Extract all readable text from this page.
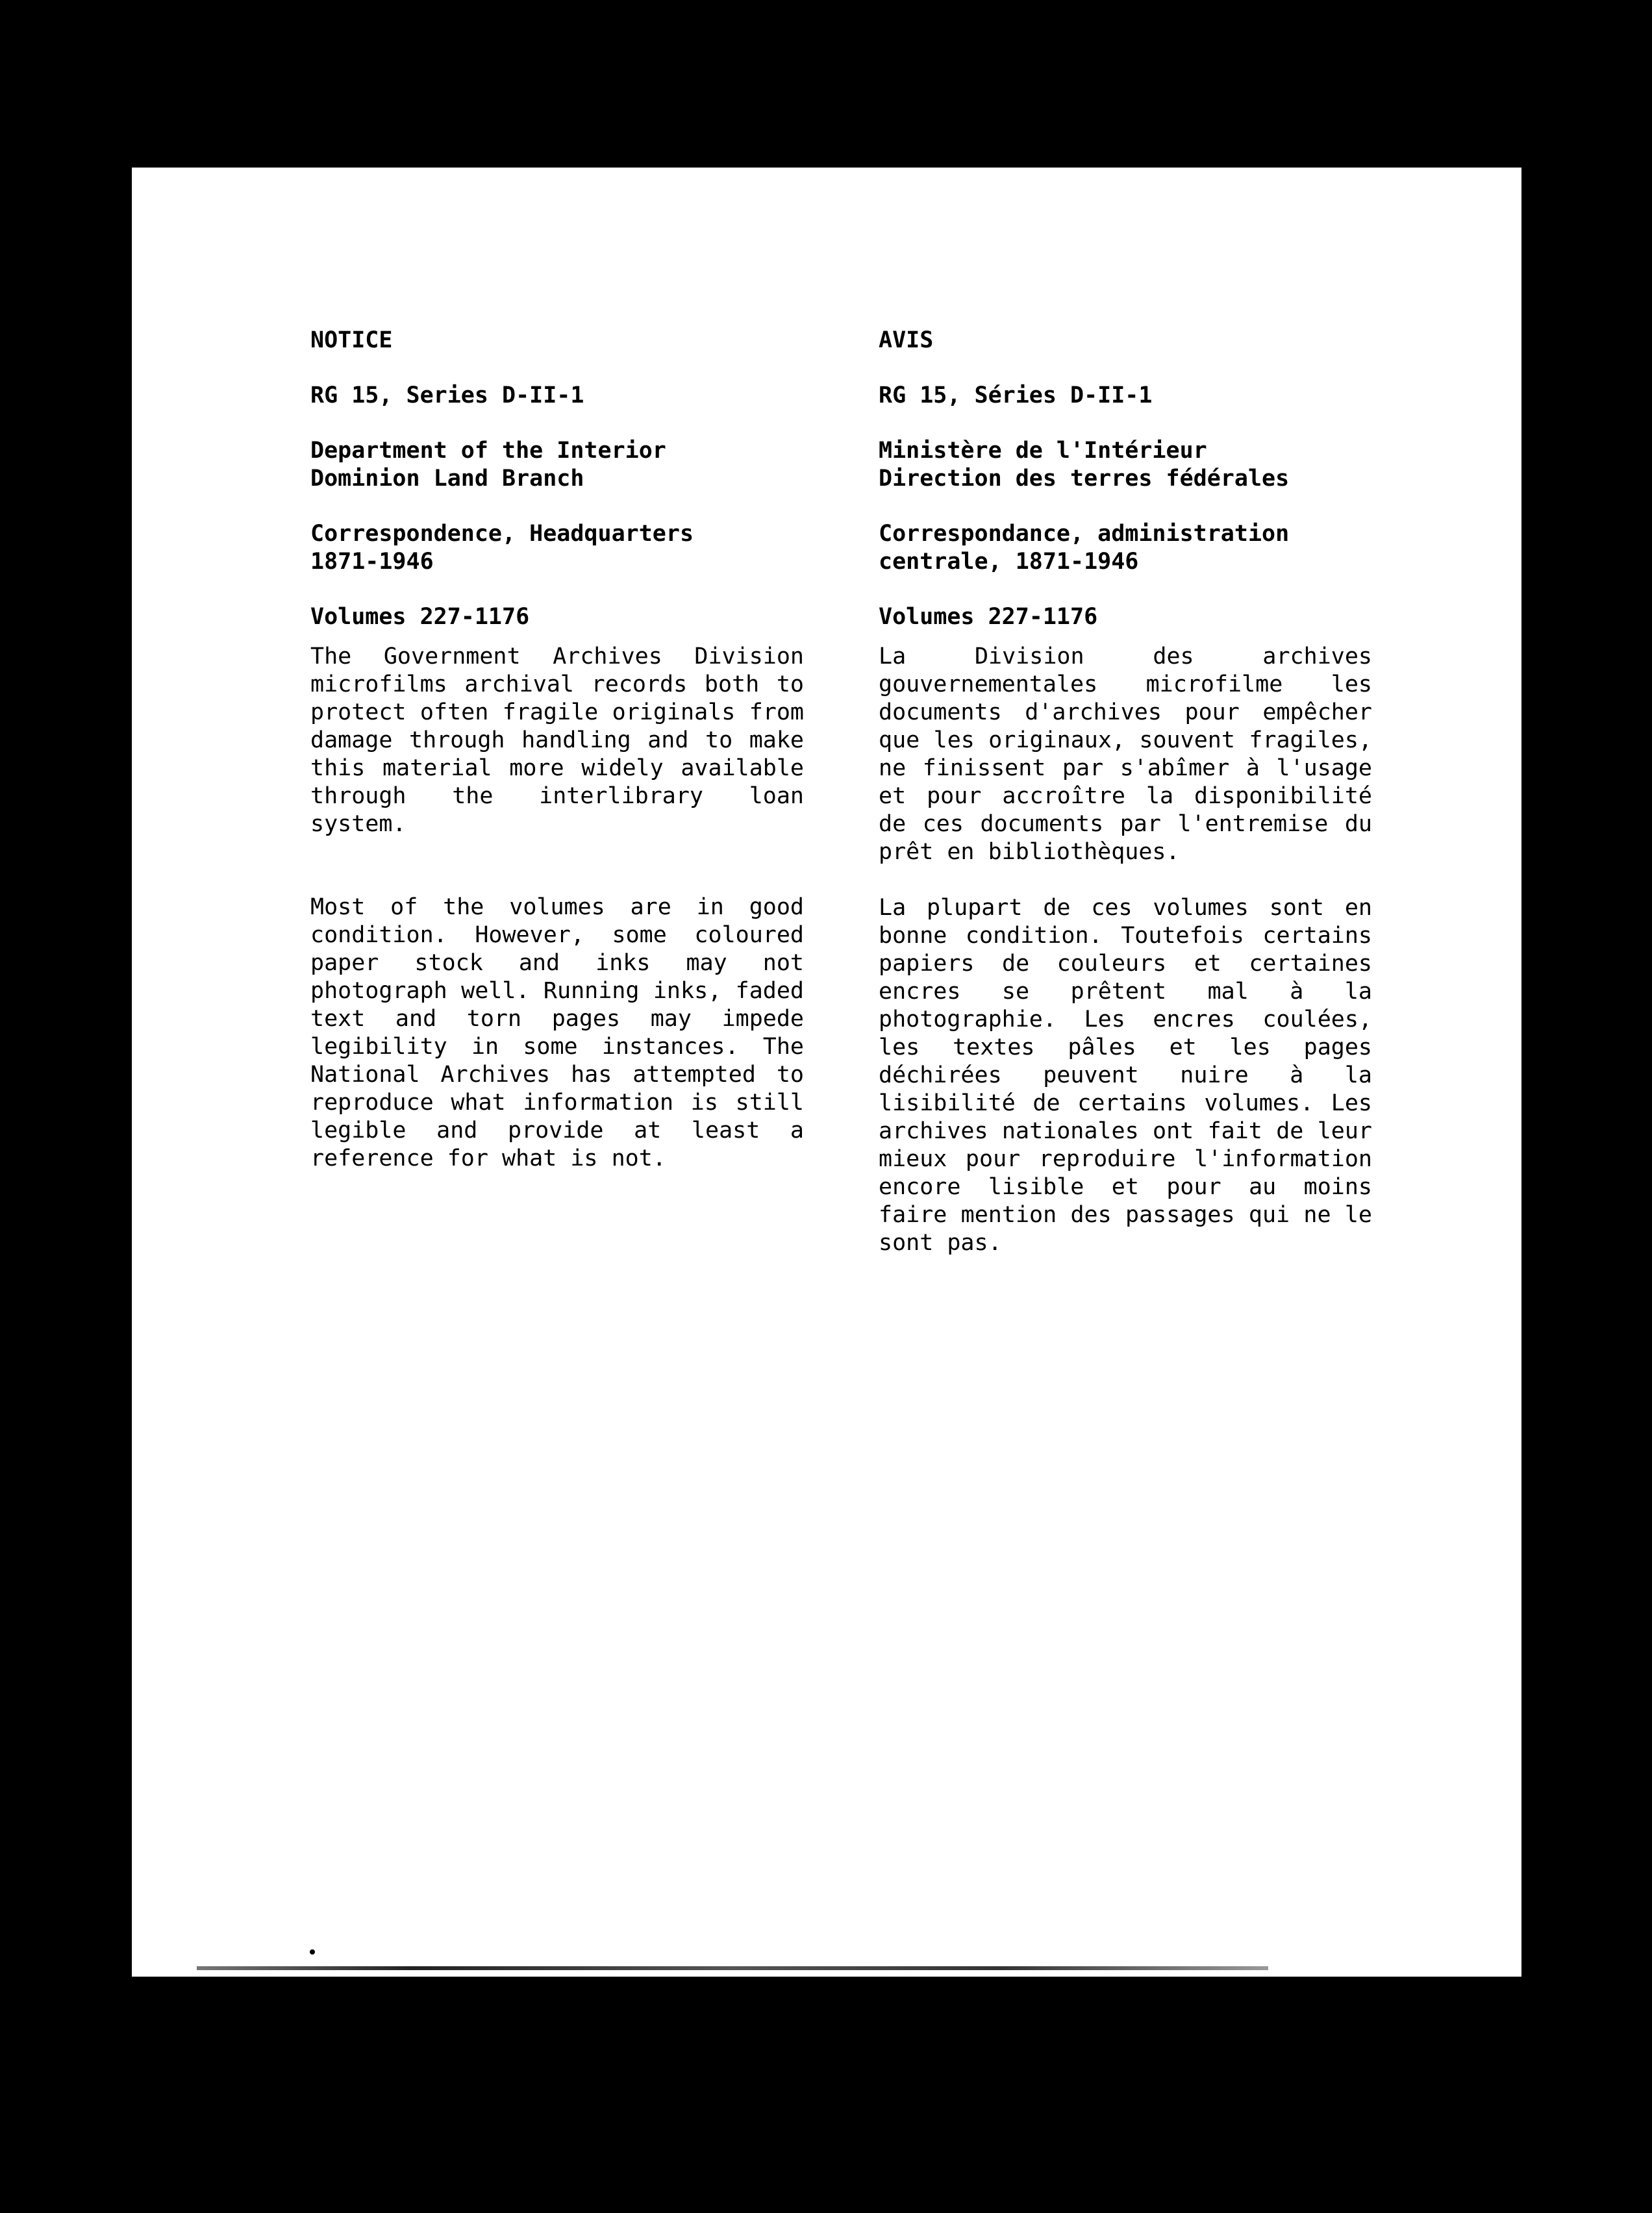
NOTICE
RG 15, Series D-II-1
Department of the Interior
Dominion Land Branch
Correspondence, Headquarters
1871-1946
Volumes 227-1176

The Government Archives Division microfilms archival records both to protect often fragile originals from damage through handling and to make this material more widely available through the interlibrary loan system.

Most of the volumes are in good condition. However, some coloured paper stock and inks may not photograph well. Running inks, faded text and torn pages may impede legibility in some instances. The National Archives has attempted to reproduce what information is still legible and provide at least a reference for what is not.

AVIS
RG 15, Séries D-II-1
Ministère de l'Intérieur
Direction des terres fédérales
Correspondance, administration
centrale, 1871-1946
Volumes 227-1176

La Division des archives gouvernementales microfilme les documents d'archives pour empêcher que les originaux, souvent fragiles, ne finissent par s'abîmer à l'usage et pour accroître la disponibilité de ces documents par l'entremise du prêt en bibliothèques.

La plupart de ces volumes sont en bonne condition. Toutefois certains papiers de couleurs et certaines encres se prêtent mal à la photographie. Les encres coulées, les textes pâles et les pages déchirées peuvent nuire à la lisibilité de certains volumes. Les archives nationales ont fait de leur mieux pour reproduire l'information encore lisible et pour au moins faire mention des passages qui ne le sont pas.
